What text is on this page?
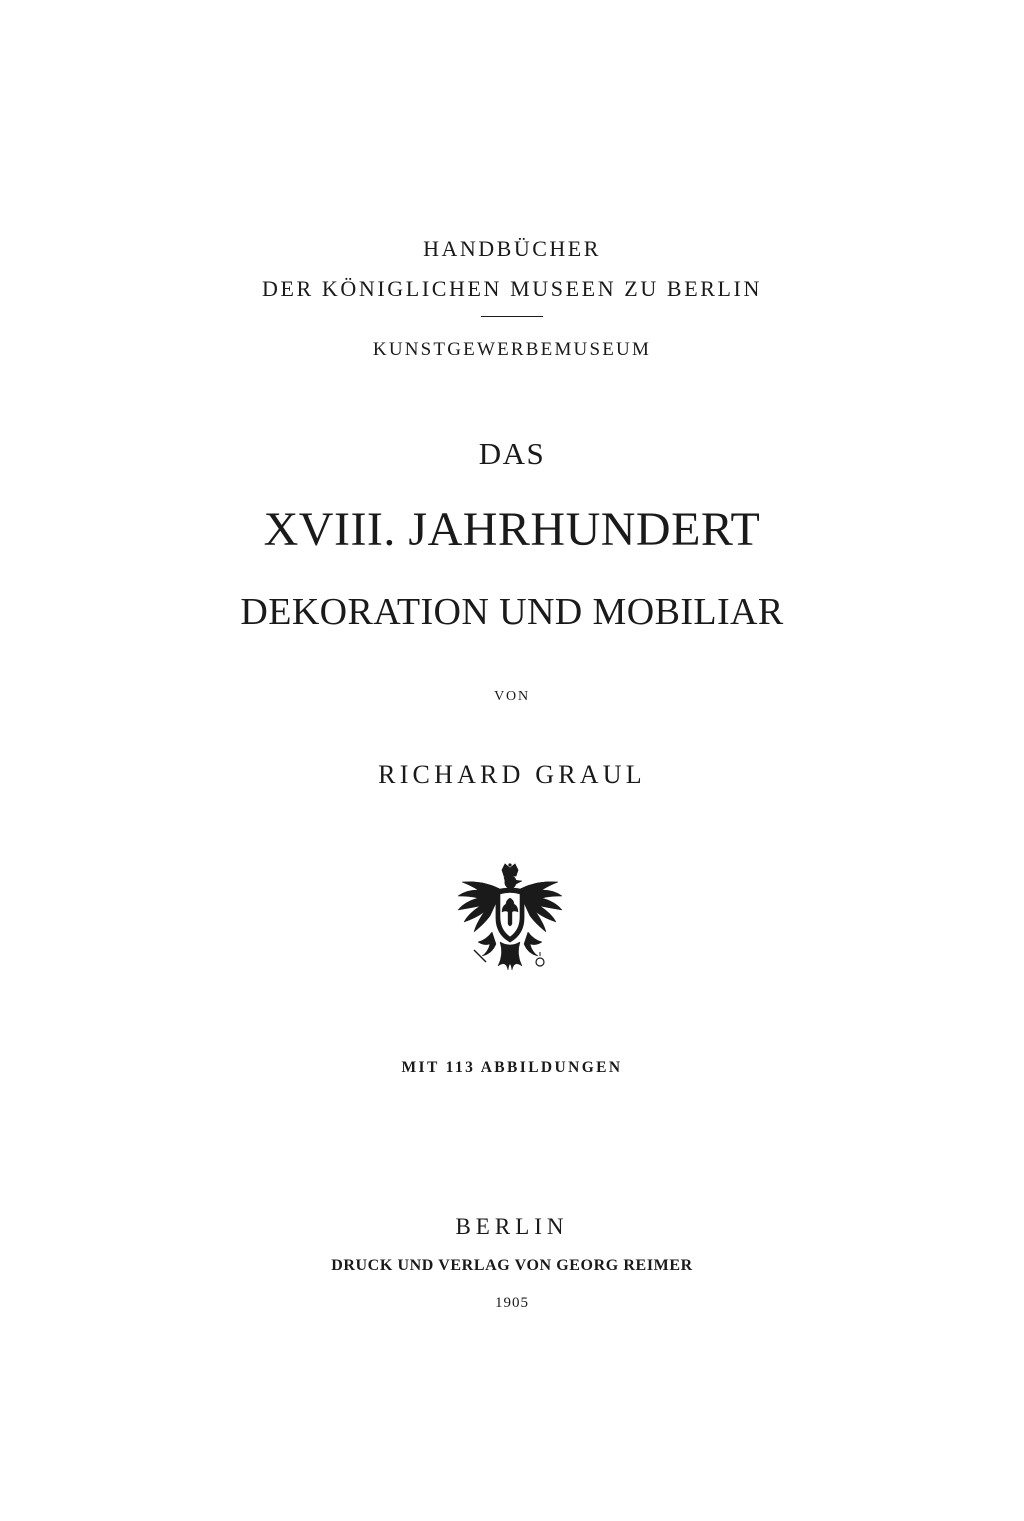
HANDBÜCHER
DER KÖNIGLICHEN MUSEEN ZU BERLIN
KUNSTGEWERBEMUSEUM
DAS
XVIII. JAHRHUNDERT
DEKORATION UND MOBILIAR
VON
RICHARD GRAUL
MIT 113 ABBILDUNGEN
BERLIN
DRUCK UND VERLAG VON GEORG REIMER
1905
